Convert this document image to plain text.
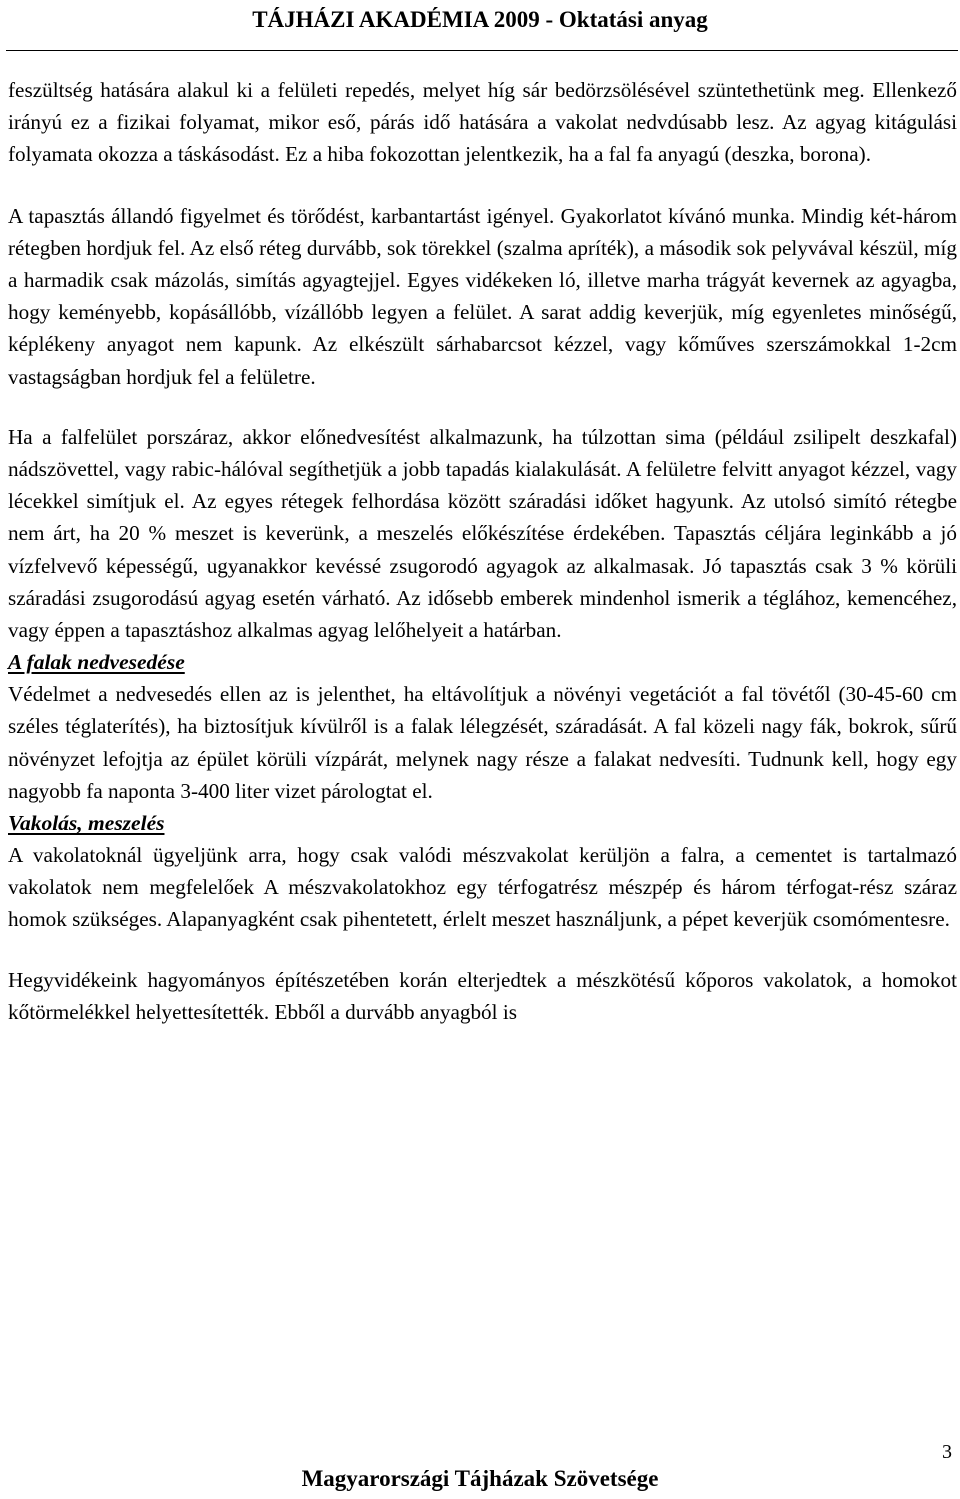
TÁJHÁZI AKADÉMIA 2009 - Oktatási anyag

feszültség hatására alakul ki a felületi repedés, melyet híg sár bedörzsölésével szüntethetünk meg. Ellenkező irányú ez a fizikai folyamat, mikor eső, párás idő hatására a vakolat nedvdúsabb lesz. Az agyag kitágulási folyamata okozza a táskásodást. Ez a hiba fokozottan jelentkezik, ha a fal fa anyagú (deszka, borona).

A tapasztás állandó figyelmet és törődést, karbantartást igényel. Gyakorlatot kívánó munka. Mindig két-három rétegben hordjuk fel. Az első réteg durvább, sok törekkel (szalma apríték), a második sok pelyvával készül, míg a harmadik csak mázolás, simítás agyagtejjel. Egyes vidékeken ló, illetve marha trágyát kevernek az agyagba, hogy keményebb, kopásállóbb, vízállóbb legyen a felület. A sarat addig keverjük, míg egyenletes minőségű, képlékeny anyagot nem kapunk. Az elkészült sárhabarcsot kézzel, vagy kőműves szerszámokkal 1-2cm vastagságban hordjuk fel a felületre.

Ha a falfelület porszáraz, akkor előnedvesítést alkalmazunk, ha túlzottan sima (például zsilipelt deszkafal) nádszövettel, vagy rabic-hálóval segíthetjük a jobb tapadás kialakulását. A felületre felvitt anyagot kézzel, vagy lécekkel simítjuk el. Az egyes rétegek felhordása között száradási időket hagyunk. Az utolsó simító rétegbe nem árt, ha 20 % meszet is keverünk, a meszelés előkészítése érdekében. Tapasztás céljára leginkább a jó vízfelvevő képességű, ugyanakkor kevéssé zsugorodó agyagok az alkalmasak. Jó tapasztás csak 3 % körüli száradási zsugorodású agyag esetén várható. Az idősebb emberek mindenhol ismerik a téglához, kemencéhez, vagy éppen a tapasztáshoz alkalmas agyag lelőhelyeit a határban.

A falak nedvesedése

Védelmet a nedvesedés ellen az is jelenthet, ha eltávolítjuk a növényi vegetációt a fal tövétől (30-45-60 cm széles téglaterítés), ha biztosítjuk kívülről is a falak lélegzését, száradását. A fal közeli nagy fák, bokrok, sűrű növényzet lefojtja az épület körüli vízpárát, melynek nagy része a falakat nedvesíti. Tudnunk kell, hogy egy nagyobb fa naponta 3-400 liter vizet párologtat el.

Vakolás, meszelés

A vakolatoknál ügyeljünk arra, hogy csak valódi mészvakolat kerüljön a falra, a cementet is tartalmazó vakolatok nem megfelelőek A mészvakolatokhoz egy térfogatrész mészpép és három térfogat-rész száraz homok szükséges. Alapanyagként csak pihentetett, érlelt meszet használjunk, a pépet keverjük csomómentesre.

Hegyvidékeink hagyományos építészetében korán elterjedtek a mészkötésű kőporos vakolatok, a homokot kőtörmelékkel helyettesítették. Ebből a durvább anyagból is

3
Magyarországi Tájházak Szövetsége
